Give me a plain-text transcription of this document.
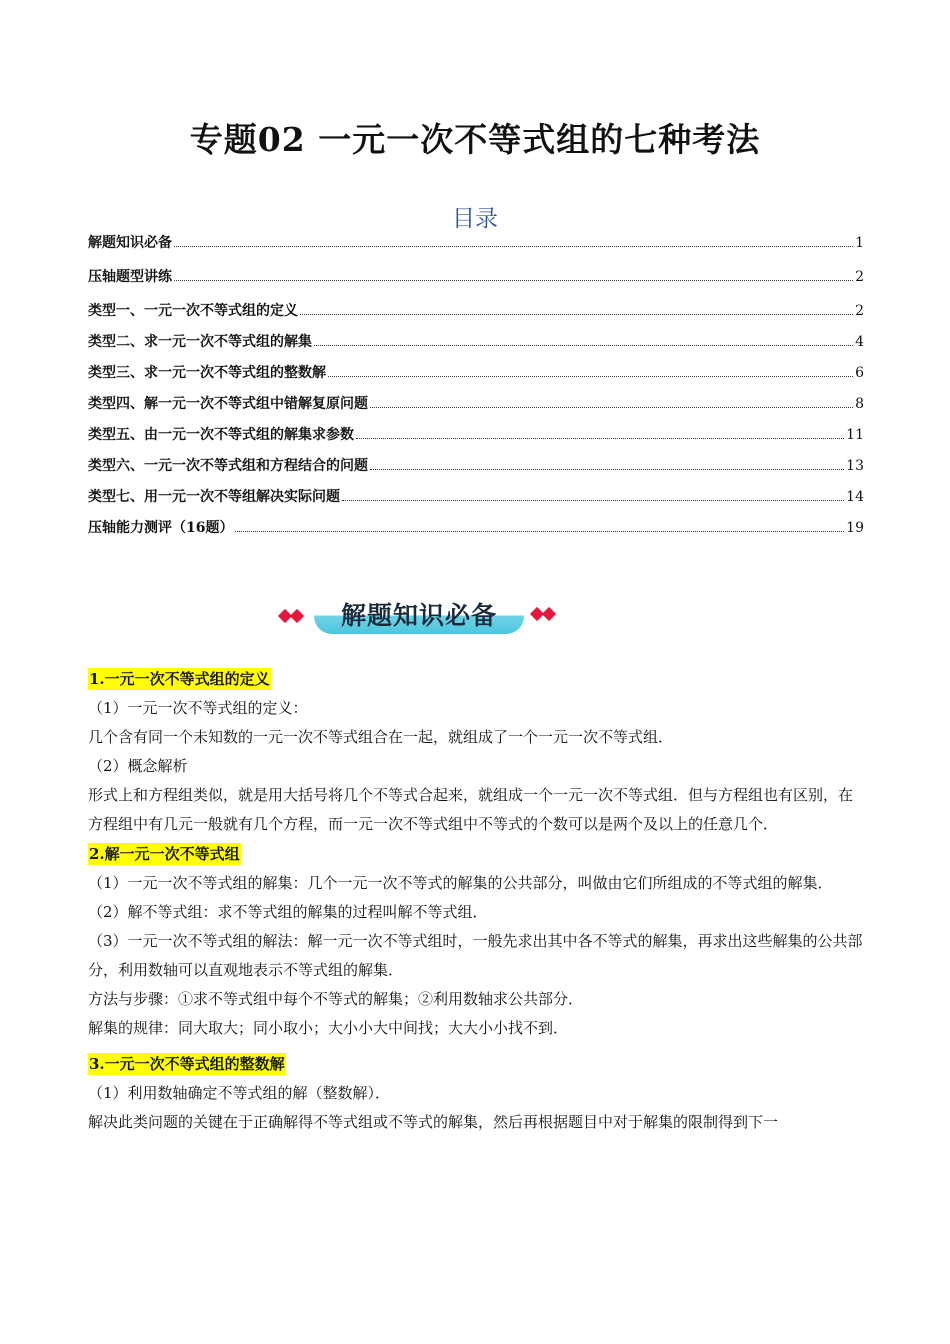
专题02 一元一次不等式组的七种考法
目录
解题知识必备	1
压轴题型讲练	2
类型一、一元一次不等式组的定义	2
类型二、求一元一次不等式组的解集	4
类型三、求一元一次不等式组的整数解	6
类型四、解一元一次不等式组中错解复原问题	8
类型五、由一元一次不等式组的解集求参数	11
类型六、一元一次不等式组和方程结合的问题	13
类型七、用一元一次不等组解决实际问题	14
压轴能力测评（16题）	19
解题知识必备
1.一元一次不等式组的定义

（1）一元一次不等式组的定义：

几个含有同一个未知数的一元一次不等式组合在一起，就组成了一个一元一次不等式组．

（2）概念解析

形式上和方程组类似，就是用大括号将几个不等式合起来，就组成一个一元一次不等式组．但与方程组也有区别，在方程组中有几元一般就有几个方程，而一元一次不等式组中不等式的个数可以是两个及以上的任意几个．

2.解一元一次不等式组

（1）一元一次不等式组的解集：几个一元一次不等式的解集的公共部分，叫做由它们所组成的不等式组的解集．

（2）解不等式组：求不等式组的解集的过程叫解不等式组．

（3）一元一次不等式组的解法：解一元一次不等式组时，一般先求出其中各不等式的解集，再求出这些解集的公共部分，利用数轴可以直观地表示不等式组的解集．

方法与步骤：①求不等式组中每个不等式的解集；②利用数轴求公共部分．

解集的规律：同大取大；同小取小；大小小大中间找；大大小小找不到．

3.一元一次不等式组的整数解

（1）利用数轴确定不等式组的解（整数解）．

解决此类问题的关键在于正确解得不等式组或不等式的解集，然后再根据题目中对于解集的限制得到下一
